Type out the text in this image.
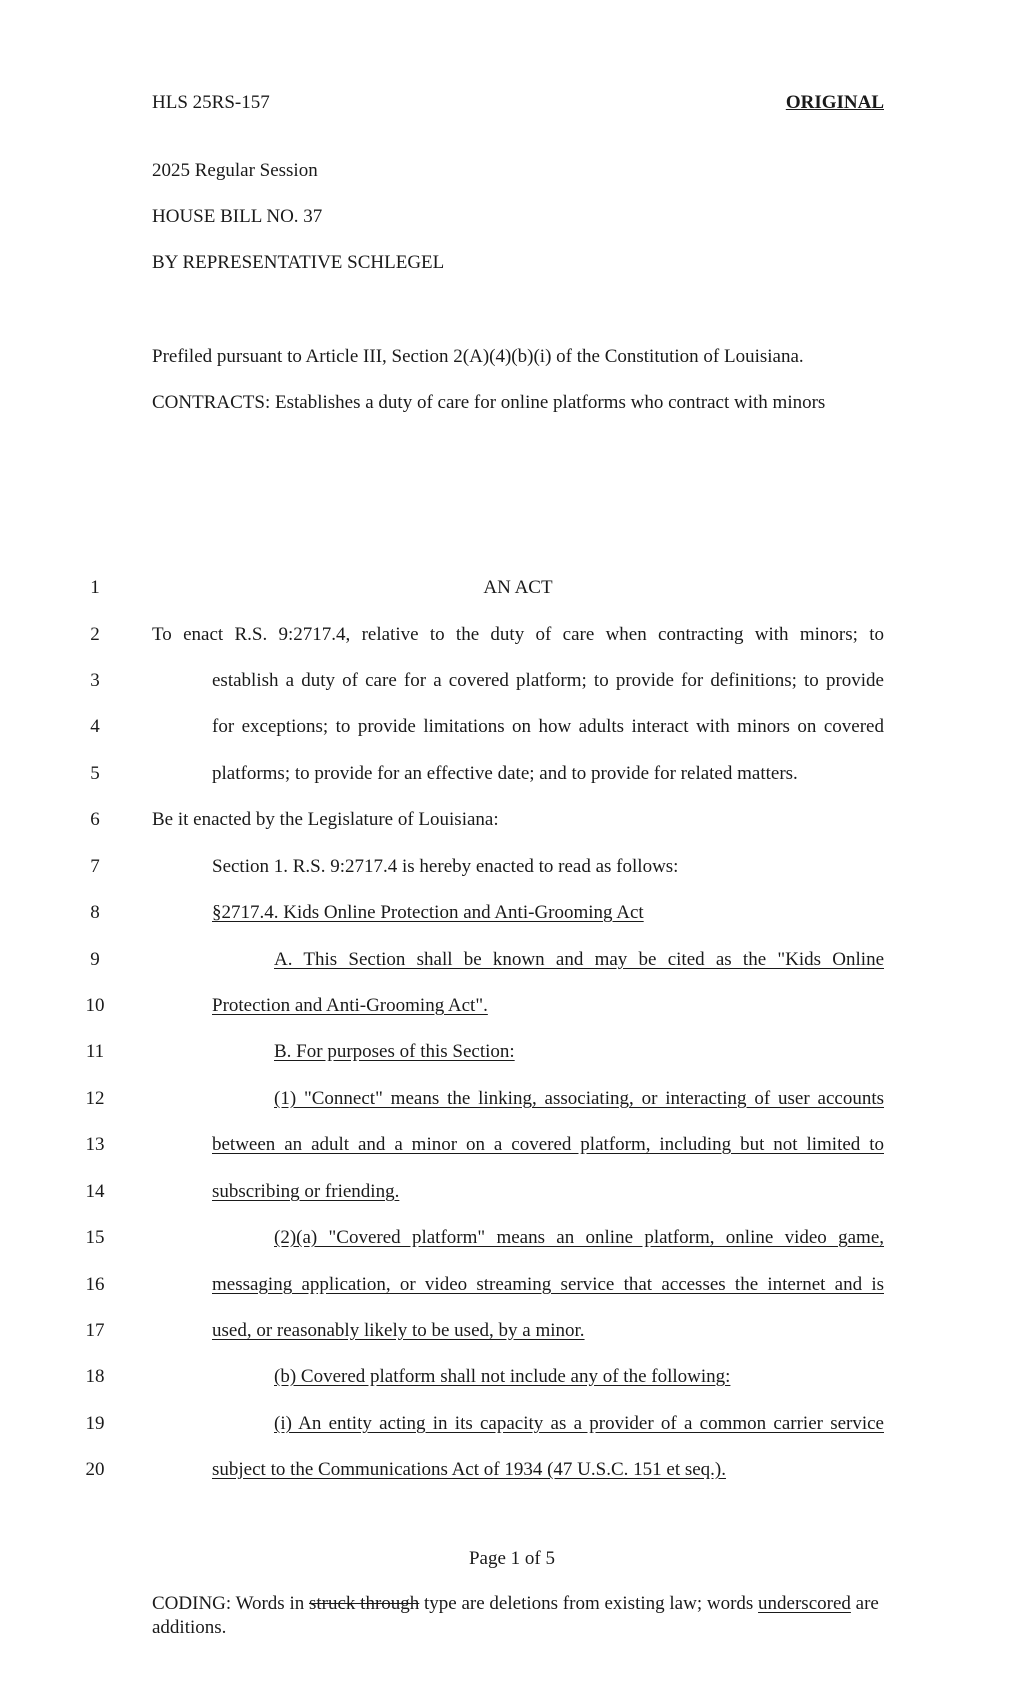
HLS 25RS-157	ORIGINAL
2025 Regular Session
HOUSE BILL NO. 37
BY REPRESENTATIVE SCHLEGEL
Prefiled pursuant to Article III, Section 2(A)(4)(b)(i) of the Constitution of Louisiana.
CONTRACTS: Establishes a duty of care for online platforms who contract with minors
1	AN ACT
2	To enact R.S. 9:2717.4, relative to the duty of care when contracting with minors; to
3	establish a duty of care for a covered platform; to provide for definitions; to provide
4	for exceptions; to provide limitations on how adults interact with minors on covered
5	platforms; to provide for an effective date; and to provide for related matters.
6	Be it enacted by the Legislature of Louisiana:
7	Section 1. R.S. 9:2717.4 is hereby enacted to read as follows:
8	§2717.4. Kids Online Protection and Anti-Grooming Act
9	A. This Section shall be known and may be cited as the "Kids Online
10	Protection and Anti-Grooming Act".
11	B. For purposes of this Section:
12	(1) "Connect" means the linking, associating, or interacting of user accounts
13	between an adult and a minor on a covered platform, including but not limited to
14	subscribing or friending.
15	(2)(a) "Covered platform" means an online platform, online video game,
16	messaging application, or video streaming service that accesses the internet and is
17	used, or reasonably likely to be used, by a minor.
18	(b) Covered platform shall not include any of the following:
19	(i) An entity acting in its capacity as a provider of a common carrier service
20	subject to the Communications Act of 1934 (47 U.S.C. 151 et seq.).
Page 1 of 5
CODING: Words in struck through type are deletions from existing law; words underscored are additions.
